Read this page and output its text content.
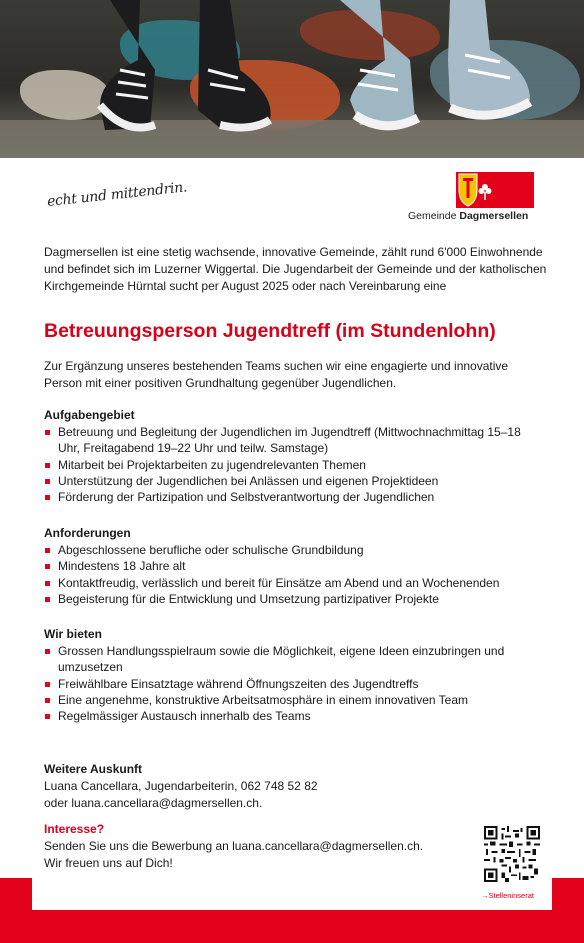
echt und mittendrin.
Gemeinde Dagmersellen
Dagmersellen ist eine stetig wachsende, innovative Gemeinde, zählt rund 6'000 Einwohnende und befindet sich im Luzerner Wiggertal. Die Jugendarbeit der Gemeinde und der katholischen Kirchgemeinde Hürntal sucht per August 2025 oder nach Vereinbarung eine
Betreuungsperson Jugendtreff (im Stundenlohn)
Zur Ergänzung unseres bestehenden Teams suchen wir eine engagierte und innovative Person mit einer positiven Grundhaltung gegenüber Jugendlichen.
Aufgabengebiet
Betreuung und Begleitung der Jugendlichen im Jugendtreff (Mittwochnachmittag 15–18 Uhr, Freitagabend 19–22 Uhr und teilw. Samstage)
Mitarbeit bei Projektarbeiten zu jugendrelevanten Themen
Unterstützung der Jugendlichen bei Anlässen und eigenen Projektideen
Förderung der Partizipation und Selbstverantwortung der Jugendlichen
Anforderungen
Abgeschlossene berufliche oder schulische Grundbildung
Mindestens 18 Jahre alt
Kontaktfreudig, verlässlich und bereit für Einsätze am Abend und an Wochenenden
Begeisterung für die Entwicklung und Umsetzung partizipativer Projekte
Wir bieten
Grossen Handlungsspielraum sowie die Möglichkeit, eigene Ideen einzubringen und umzusetzen
Freiwählbare Einsatztage während Öffnungszeiten des Jugendtreffs
Eine angenehme, konstruktive Arbeitsatmosphäre in einem innovativen Team
Regelmässiger Austausch innerhalb des Teams
Weitere Auskunft
Luana Cancellara, Jugendarbeiterin, 062 748 52 82
oder luana.cancellara@dagmersellen.ch.
Interesse?
Senden Sie uns die Bewerbung an luana.cancellara@dagmersellen.ch.
Wir freuen uns auf Dich!
→Stelleninserat
